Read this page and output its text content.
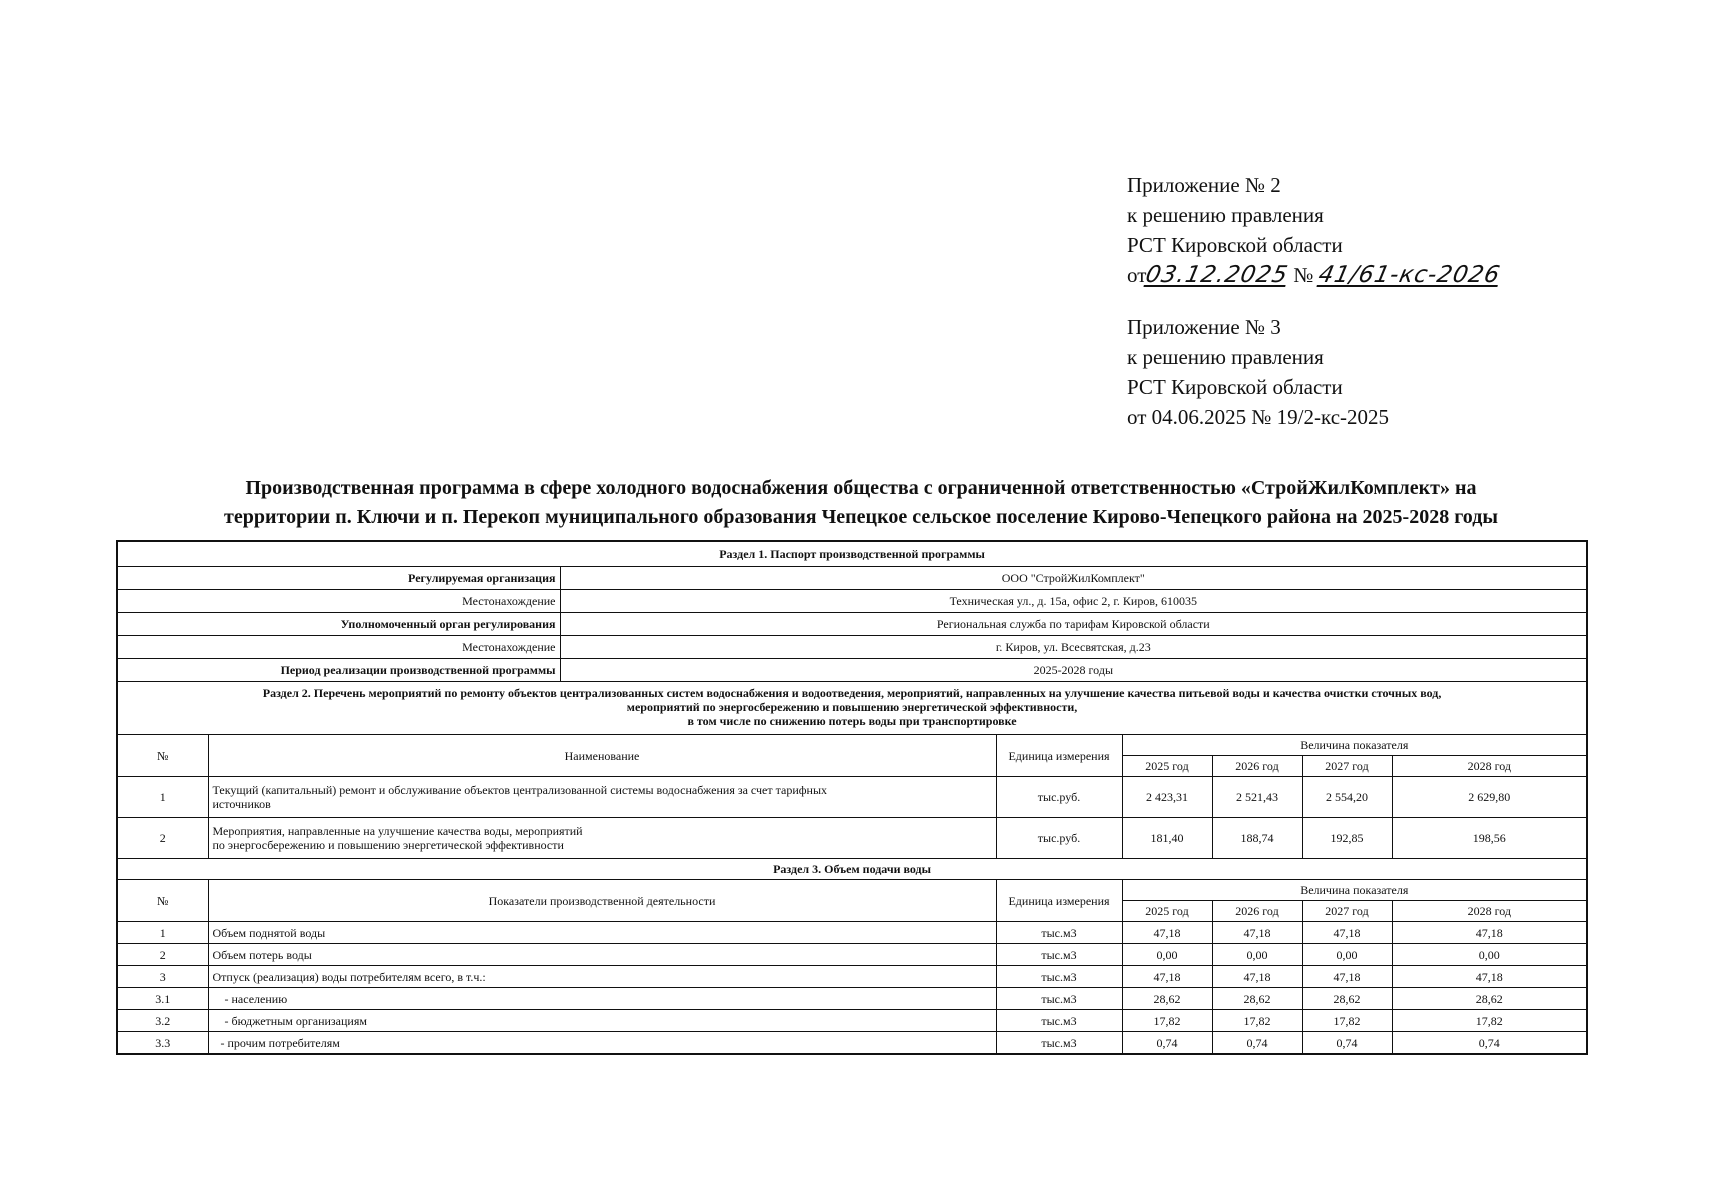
Приложение № 2
к решению правления
РСТ Кировской области
от03.12.2025 № 41/61-кс-2026
Приложение № 3
к решению правления
РСТ Кировской области
от 04.06.2025 № 19/2-кс-2025
Производственная программа в сфере холодного водоснабжения общества с ограниченной ответственностью «СтройЖилКомплект» на
территории п. Ключи и п. Перекоп муниципального образования Чепецкое сельское поселение Кирово-Чепецкого района на 2025-2028 годы
Раздел 1. Паспорт производственной программы							
Регулируемая организация		ООО "СтройЖилКомплект"					
Местонахождение		Техническая ул., д. 15а, офис 2, г. Киров, 610035					
Уполномоченный орган регулирования		Региональная служба по тарифам Кировской области					
Местонахождение		г. Киров, ул. Всесвятская, д.23					
Период реализации производственной программы		2025-2028 годы					

Раздел 2. Перечень мероприятий по ремонту объектов централизованных систем водоснабжения и водоотведения, мероприятий, направленных на улучшение качества питьевой воды и качества очистки сточных вод,
мероприятий по энергосбережению и повышению энергетической эффективности,
в том числе по снижению потерь воды при транспортировке							

№	Наименование		Единица измерения	Величина показателя			
				2025 год	2026 год	2027 год	2028 год
1	Текущий (капитальный) ремонт и обслуживание объектов централизованной системы водоснабжения за счет тарифных
источников		тыс.руб.	2 423,31	2 521,43	2 554,20	2 629,80
2	Мероприятия, направленные на улучшение качества воды, мероприятий
по энергосбережению и повышению энергетической эффективности		тыс.руб.	181,40	188,74	192,85	198,56
Раздел 3. Объем подачи воды							
№	Показатели производственной деятельности		Единица измерения	Величина показателя			
				2025 год	2026 год	2027 год	2028 год
1	Объем поднятой воды		тыс.м3	47,18	47,18	47,18	47,18
2	Объем потерь воды		тыс.м3	0,00	0,00	0,00	0,00
3	Отпуск (реализация) воды потребителям всего, в т.ч.:		тыс.м3	47,18	47,18	47,18	47,18
3.1	- населению		тыс.м3	28,62	28,62	28,62	28,62
3.2	- бюджетным организациям		тыс.м3	17,82	17,82	17,82	17,82
3.3	- прочим потребителям		тыс.м3	0,74	0,74	0,74	0,74
